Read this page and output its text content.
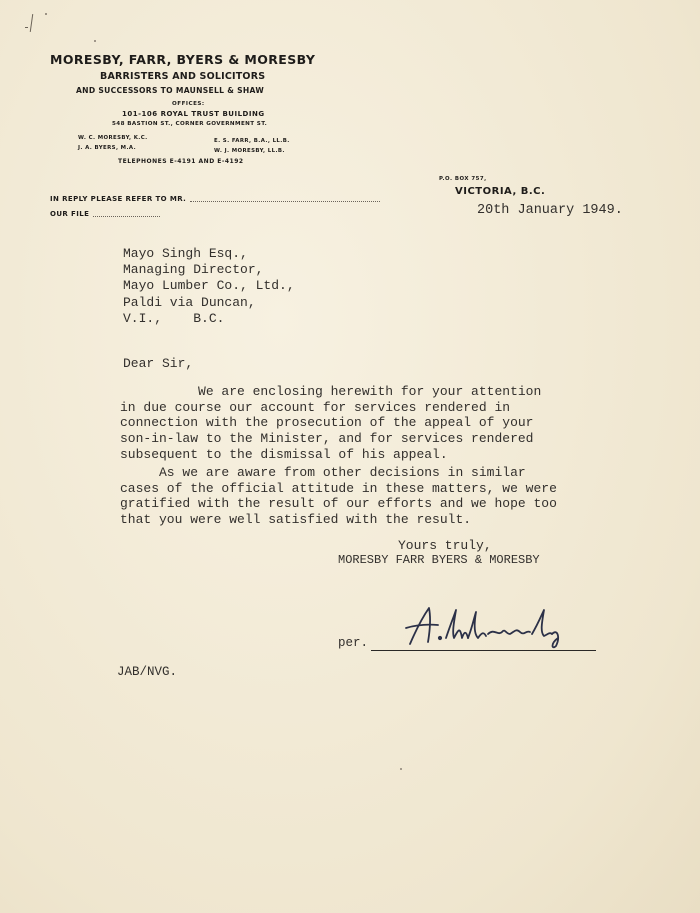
MORESBY, FARR, BYERS & MORESBY
BARRISTERS AND SOLICITORS
AND SUCCESSORS TO MAUNSELL & SHAW
OFFICES:
101-106 ROYAL TRUST BUILDING
548 BASTION ST., CORNER GOVERNMENT ST.
W. C. MORESBY, K.C.	E. S. FARR, B.A., LL.B.
J. A. BYERS, M.A.	W. J. MORESBY, LL.B.
TELEPHONES E-4191 AND E-4192
P.O. BOX 757,
VICTORIA, B.C.
IN REPLY PLEASE REFER TO MR.
OUR FILE	20th January 1949.
Mayo Singh Esq.,
Managing Director,
Mayo Lumber Co., Ltd.,
Paldi via Duncan,
V.I.,    B.C.
Dear Sir,
We are enclosing herewith for your attention
in due course our account for services rendered in
connection with the prosecution of the appeal of your
son-in-law to the Minister, and for services rendered
subsequent to the dismissal of his appeal.
As we are aware from other decisions in similar
cases of the official attitude in these matters, we were
gratified with the result of our efforts and we hope too
that you were well satisfied with the result.
Yours truly,
MORESBY FARR BYERS & MORESBY
per.
JAB/NVG.
